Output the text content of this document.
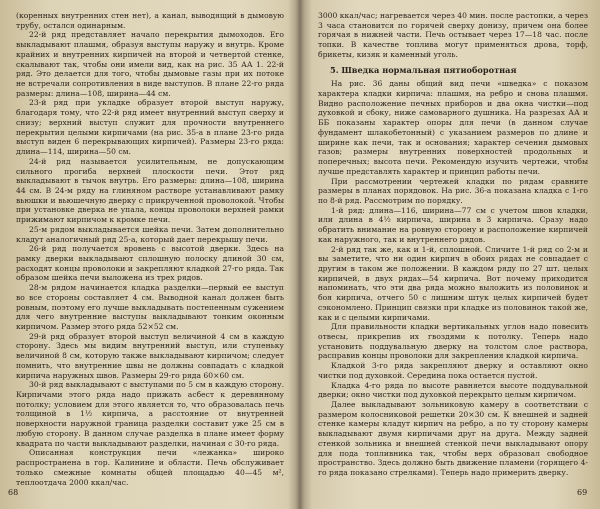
(коренных внутренних стен нет), а канал, выводящий в дымовую трубу, остался одинарным.

22-й ряд представляет начало перекрытия дымоходов. Его выкладывают плашмя, образуя выступы наружу и внутрь. Кроме крайних и внутренних кирпичей на второй и четвертой стенке, скалывают так, чтобы они имели вид, как на рис. 35 АА 1. 22-й ряд. Это делается для того, чтобы дымовые газы при их потоке не встречали сопротивления в виде выступов. В плане 22-го ряда размеры: длина—108, ширина—44 см.

23-й ряд при укладке образует второй выступ наружу, благодаря тому, что 22-й ряд имеет внутренний выступ сверху и снизу; верхний выступ служит для прочности внутреннего перекрытия целыми кирпичами (на рис. 35-а в плане 23-го ряда выступ виден 6 перекрывающих кирпичей). Размеры 23-го ряда: длина—114, ширина—50 см.

24-й ряд называется усилительным, не допускающим сильного прогиба верхней плоскости печи. Этот ряд выкладывают в тычок внутрь. Его размеры: длина—108, ширина 44 см. В 24-м ряду на глиняном растворе устанавливают рамку вьюшки и вьюшечную дверку с прикрученной проволокой. Чтобы при установке дверка не упала, концы проволоки верхней рамки прижимают кирпичом к кромке печи.

25-м рядом выкладывается шейка печи. Затем дополнительно кладут аналогичный ряд 25-а, который дает перекрышу печи.

26-й ряд получается вровень с высотой дверки. Здесь на рамку дверки выкладывают сплошную полоску длиной 30 см, расходят концы проволоки и закрепляют кладкой 27-го ряда. Так образом шейка печи выложена из трех рядов.

28-м рядом начинается кладка разделки—первый ее выступ во все стороны составляет 4 см. Выводной канал должен быть ровным, поэтому его лучше выкладывать постепенным сужением для чего внутренние выступы выкладывают тонким оконным кирпичом. Размер этого ряда 52×52 см.

29-й ряд образует второй выступ величиной 4 см в каждую сторону. Здесь мы видим внутренний выступ, или ступеньку величиной 8 см, которую также выкладывают кирпичом; следует помнить, что внутренние швы не должны совпадать с кладкой кирпича наружных швов. Размеры 29-го ряда 60×60 см.

30-й ряд выкладывают с выступами по 5 см в каждую сторону. Кирпичами этого ряда надо прижать асбест к деревянному потолку; условием для этого является то, что образовалась печь толщиной в 1½ кирпича, а расстояние от внутренней поверхности наружной граница разделки составит уже 25 см в любую сторону. В данном случае разделка в плане имеет форму квадрата по части выкладывают разделки, начиная с 30-го ряда.

Описанная конструкция печи «лежанка» широко распространена в гор. Калинине и области. Печь обслуживает только смежные комнаты общей площадью 40—45 м², теплоотдача 2000 ккал/час.

68

3000 ккал/час; нагревается через 40 мин. после растопки, а через 3 часа становится по горячей сверху донизу, причем она более горячая в нижней части. Печь остывает через 17—18 час. после топки. В качестве топлива могут применяться дрова, торф, брикеты, кизяк и каменный уголь.

5. Шведка нормальная пятиоборотная

На рис. 36 даны общий вид печи «шведка» с показом характера кладки кирпича: плашмя, на ребро и снова плашмя. Видно расположение печных приборов и два окна чистки—под духовкой и сбоку, ниже самоварного душника. На разрезах АА и ББ показаны характер опоры для печи (в данном случае фундамент шлакобетонный) с указанием размеров по длине и ширине как печи, так и основания; характер сечения дымовых газов; размеры внутренних поверхностей продольных и поперечных; высота печи. Рекомендую изучить чертежи, чтобы лучше представлять характер и принцип работы печи.

При рассмотрении чертежей кладки по рядам сравните размеры в планах порядовок. На рис. 36-а показана кладка с 1-го по 8-й ряд. Рассмотрим по порядку.

1-й ряд: длина—116, ширина—77 см с учетом швов кладки, или длина в 4½ кирпича, ширина в 3 кирпича. Сразу надо обратить внимание на ровную сторону и расположение кирпичей как наружного, так и внутреннего рядов.

2-й ряд так же, как и 1-й, сплошной. Сличите 1-й ряд со 2-м и вы заметите, что ни один кирпич в обоих рядах не совпадает с другим в таком же положении. В каждом ряду по 27 шт. целых кирпичей, в двух рядах—54 кирпича. Вот почему приходится напоминать, что эти два ряда можно выложить из половинок и боя кирпича, отчего 50 с лишним штук целых кирпичей будет сэкономлено. Принцип связки при кладке из половинок такой же, как и с целыми кирпичами.

Для правильности кладки вертикальных углов надо повесить отвесы, прикрепив их гвоздями к потолку. Теперь надо установить поддувальную дверку на толстом слое раствора, расправив концы проволоки для закрепления кладкой кирпича.

Кладкой 3-го ряда закрепляют дверку и оставляют окно чистки под духовкой. Середина пока остается пустой.

Кладка 4-го ряда по высоте равняется высоте поддувальной дверки; окно чистки под духовкой перекрыто целым кирпичом.

Далее выкладывают зольниковую камеру в соответствии с размером колосниковой решетки 20×30 см. К внешней и задней стенке камеры кладут кирпич на ребро, а по ту сторону камеры выкладывают двумя кирпичами друг на друга. Между задней стенкой зольника и внешней стенкой печи выкладывают опору для пода топливника так, чтобы верх образовал свободное пространство. Здесь должно быть движение пламени (горящего 4-го ряда показано стрелками). Теперь надо примерить дверку.

69
